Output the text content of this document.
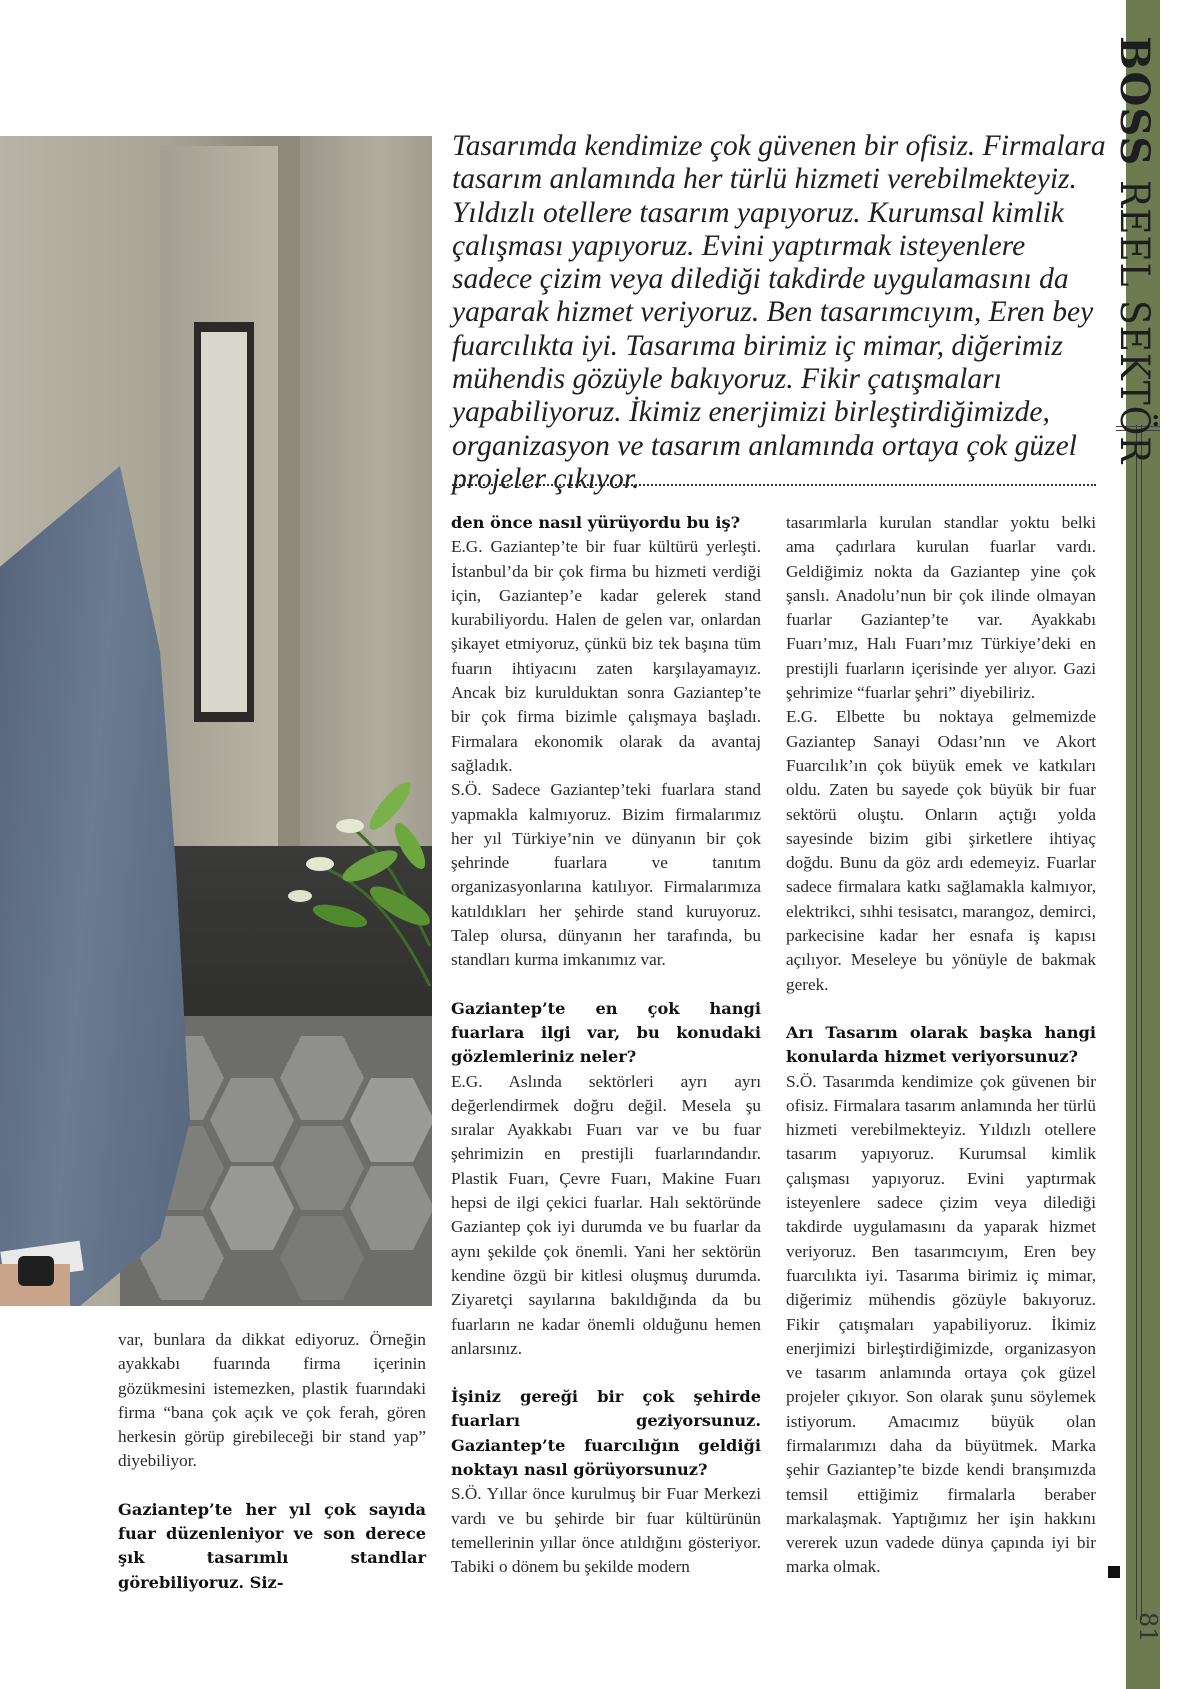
BOSS REEL SEKTÖR
81
Tasarımda kendimize çok güvenen bir ofisiz. Firmalara tasarım anlamında her türlü hizmeti verebilmekteyiz. Yıldızlı otellere tasarım yapıyoruz. Kurumsal kimlik çalışması yapıyoruz. Evini yaptırmak isteyenlere sadece çizim veya dilediği takdirde uygulamasını da yaparak hizmet veriyoruz. Ben tasarımcıyım, Eren bey fuarcılıkta iyi. Tasarıma birimiz iç mimar, diğerimiz mühendis gözüyle bakıyoruz. Fikir çatışmaları yapabiliyoruz. İkimiz enerjimizi birleştirdiğimizde, organizasyon ve tasarım anlamında ortaya çok güzel projeler çıkıyor.

var, bunlara da dikkat ediyoruz. Örneğin ayakkabı fuarında firma içerinin gözükmesini istemezken, plastik fuarındaki firma “bana çok açık ve çok ferah, gören herkesin görüp girebileceği bir stand yap” diyebiliyor.

Gaziantep’te her yıl çok sayıda fuar düzenleniyor ve son derece şık tasarımlı standlar görebiliyoruz. Siz-
den önce nasıl yürüyordu bu iş?

E.G. Gaziantep’te bir fuar kültürü yerleşti. İstanbul’da bir çok firma bu hizmeti verdiği için, Gaziantep’e kadar gelerek stand kurabiliyordu. Halen de gelen var, onlardan şikayet etmiyoruz, çünkü biz tek başına tüm fuarın ihtiyacını zaten karşılayamayız. Ancak biz kurulduktan sonra Gaziantep’te bir çok firma bizimle çalışmaya başladı. Firmalara ekonomik olarak da avantaj sağladık.

S.Ö. Sadece Gaziantep’teki fuarlara stand yapmakla kalmıyoruz. Bizim firmalarımız her yıl Türkiye’nin ve dünyanın bir çok şehrinde fuarlara ve tanıtım organizasyonlarına katılıyor. Firmalarımıza katıldıkları her şehirde stand kuruyoruz. Talep olursa, dünyanın her tarafında, bu standları kurma imkanımız var.

Gaziantep’te en çok hangi fuarlara ilgi var, bu konudaki gözlemleriniz neler?

E.G. Aslında sektörleri ayrı ayrı değerlendirmek doğru değil. Mesela şu sıralar Ayakkabı Fuarı var ve bu fuar şehrimizin en prestijli fuarlarındandır. Plastik Fuarı, Çevre Fuarı, Makine Fuarı hepsi de ilgi çekici fuarlar. Halı sektöründe Gaziantep çok iyi durumda ve bu fuarlar da aynı şekilde çok önemli. Yani her sektörün kendine özgü bir kitlesi oluşmuş durumda. Ziyaretçi sayılarına bakıldığında da bu fuarların ne kadar önemli olduğunu hemen anlarsınız.

İşiniz gereği bir çok şehirde fuarları geziyorsunuz. Gaziantep’te fuarcılığın geldiği noktayı nasıl görüyorsunuz?

S.Ö. Yıllar önce kurulmuş bir Fuar Merkezi vardı ve bu şehirde bir fuar kültürünün temellerinin yıllar önce atıldığını gösteriyor. Tabiki o dönem bu şekilde modern

tasarımlarla kurulan standlar yoktu belki ama çadırlara kurulan fuarlar vardı. Geldiğimiz nokta da Gaziantep yine çok şanslı. Anadolu’nun bir çok ilinde olmayan fuarlar Gaziantep’te var. Ayakkabı Fuarı’mız, Halı Fuarı’mız Türkiye’deki en prestijli fuarların içerisinde yer alıyor. Gazi şehrimize “fuarlar şehri” diyebiliriz.

E.G. Elbette bu noktaya gelmemizde Gaziantep Sanayi Odası’nın ve Akort Fuarcılık’ın çok büyük emek ve katkıları oldu. Zaten bu sayede çok büyük bir fuar sektörü oluştu. Onların açtığı yolda sayesinde bizim gibi şirketlere ihtiyaç doğdu. Bunu da göz ardı edemeyiz. Fuarlar sadece firmalara katkı sağlamakla kalmıyor, elektrikci, sıhhi tesisatcı, marangoz, demirci, parkecisine kadar her esnafa iş kapısı açılıyor. Meseleye bu yönüyle de bakmak gerek.

Arı Tasarım olarak başka hangi konularda hizmet veriyorsunuz?

S.Ö. Tasarımda kendimize çok güvenen bir ofisiz. Firmalara tasarım anlamında her türlü hizmeti verebilmekteyiz. Yıldızlı otellere tasarım yapıyoruz. Kurumsal kimlik çalışması yapıyoruz. Evini yaptırmak isteyenlere sadece çizim veya dilediği takdirde uygulamasını da yaparak hizmet veriyoruz. Ben tasarımcıyım, Eren bey fuarcılıkta iyi. Tasarıma birimiz iç mimar, diğerimiz mühendis gözüyle bakıyoruz. Fikir çatışmaları yapabiliyoruz. İkimiz enerjimizi birleştirdiğimizde, organizasyon ve tasarım anlamında ortaya çok güzel projeler çıkıyor. Son olarak şunu söylemek istiyorum. Amacımız büyük olan firmalarımızı daha da büyütmek. Marka şehir Gaziantep’te bizde kendi branşımızda temsil ettiğimiz firmalarla beraber markalaşmak. Yaptığımız her işin hakkını vererek uzun vadede dünya çapında iyi bir marka olmak.
